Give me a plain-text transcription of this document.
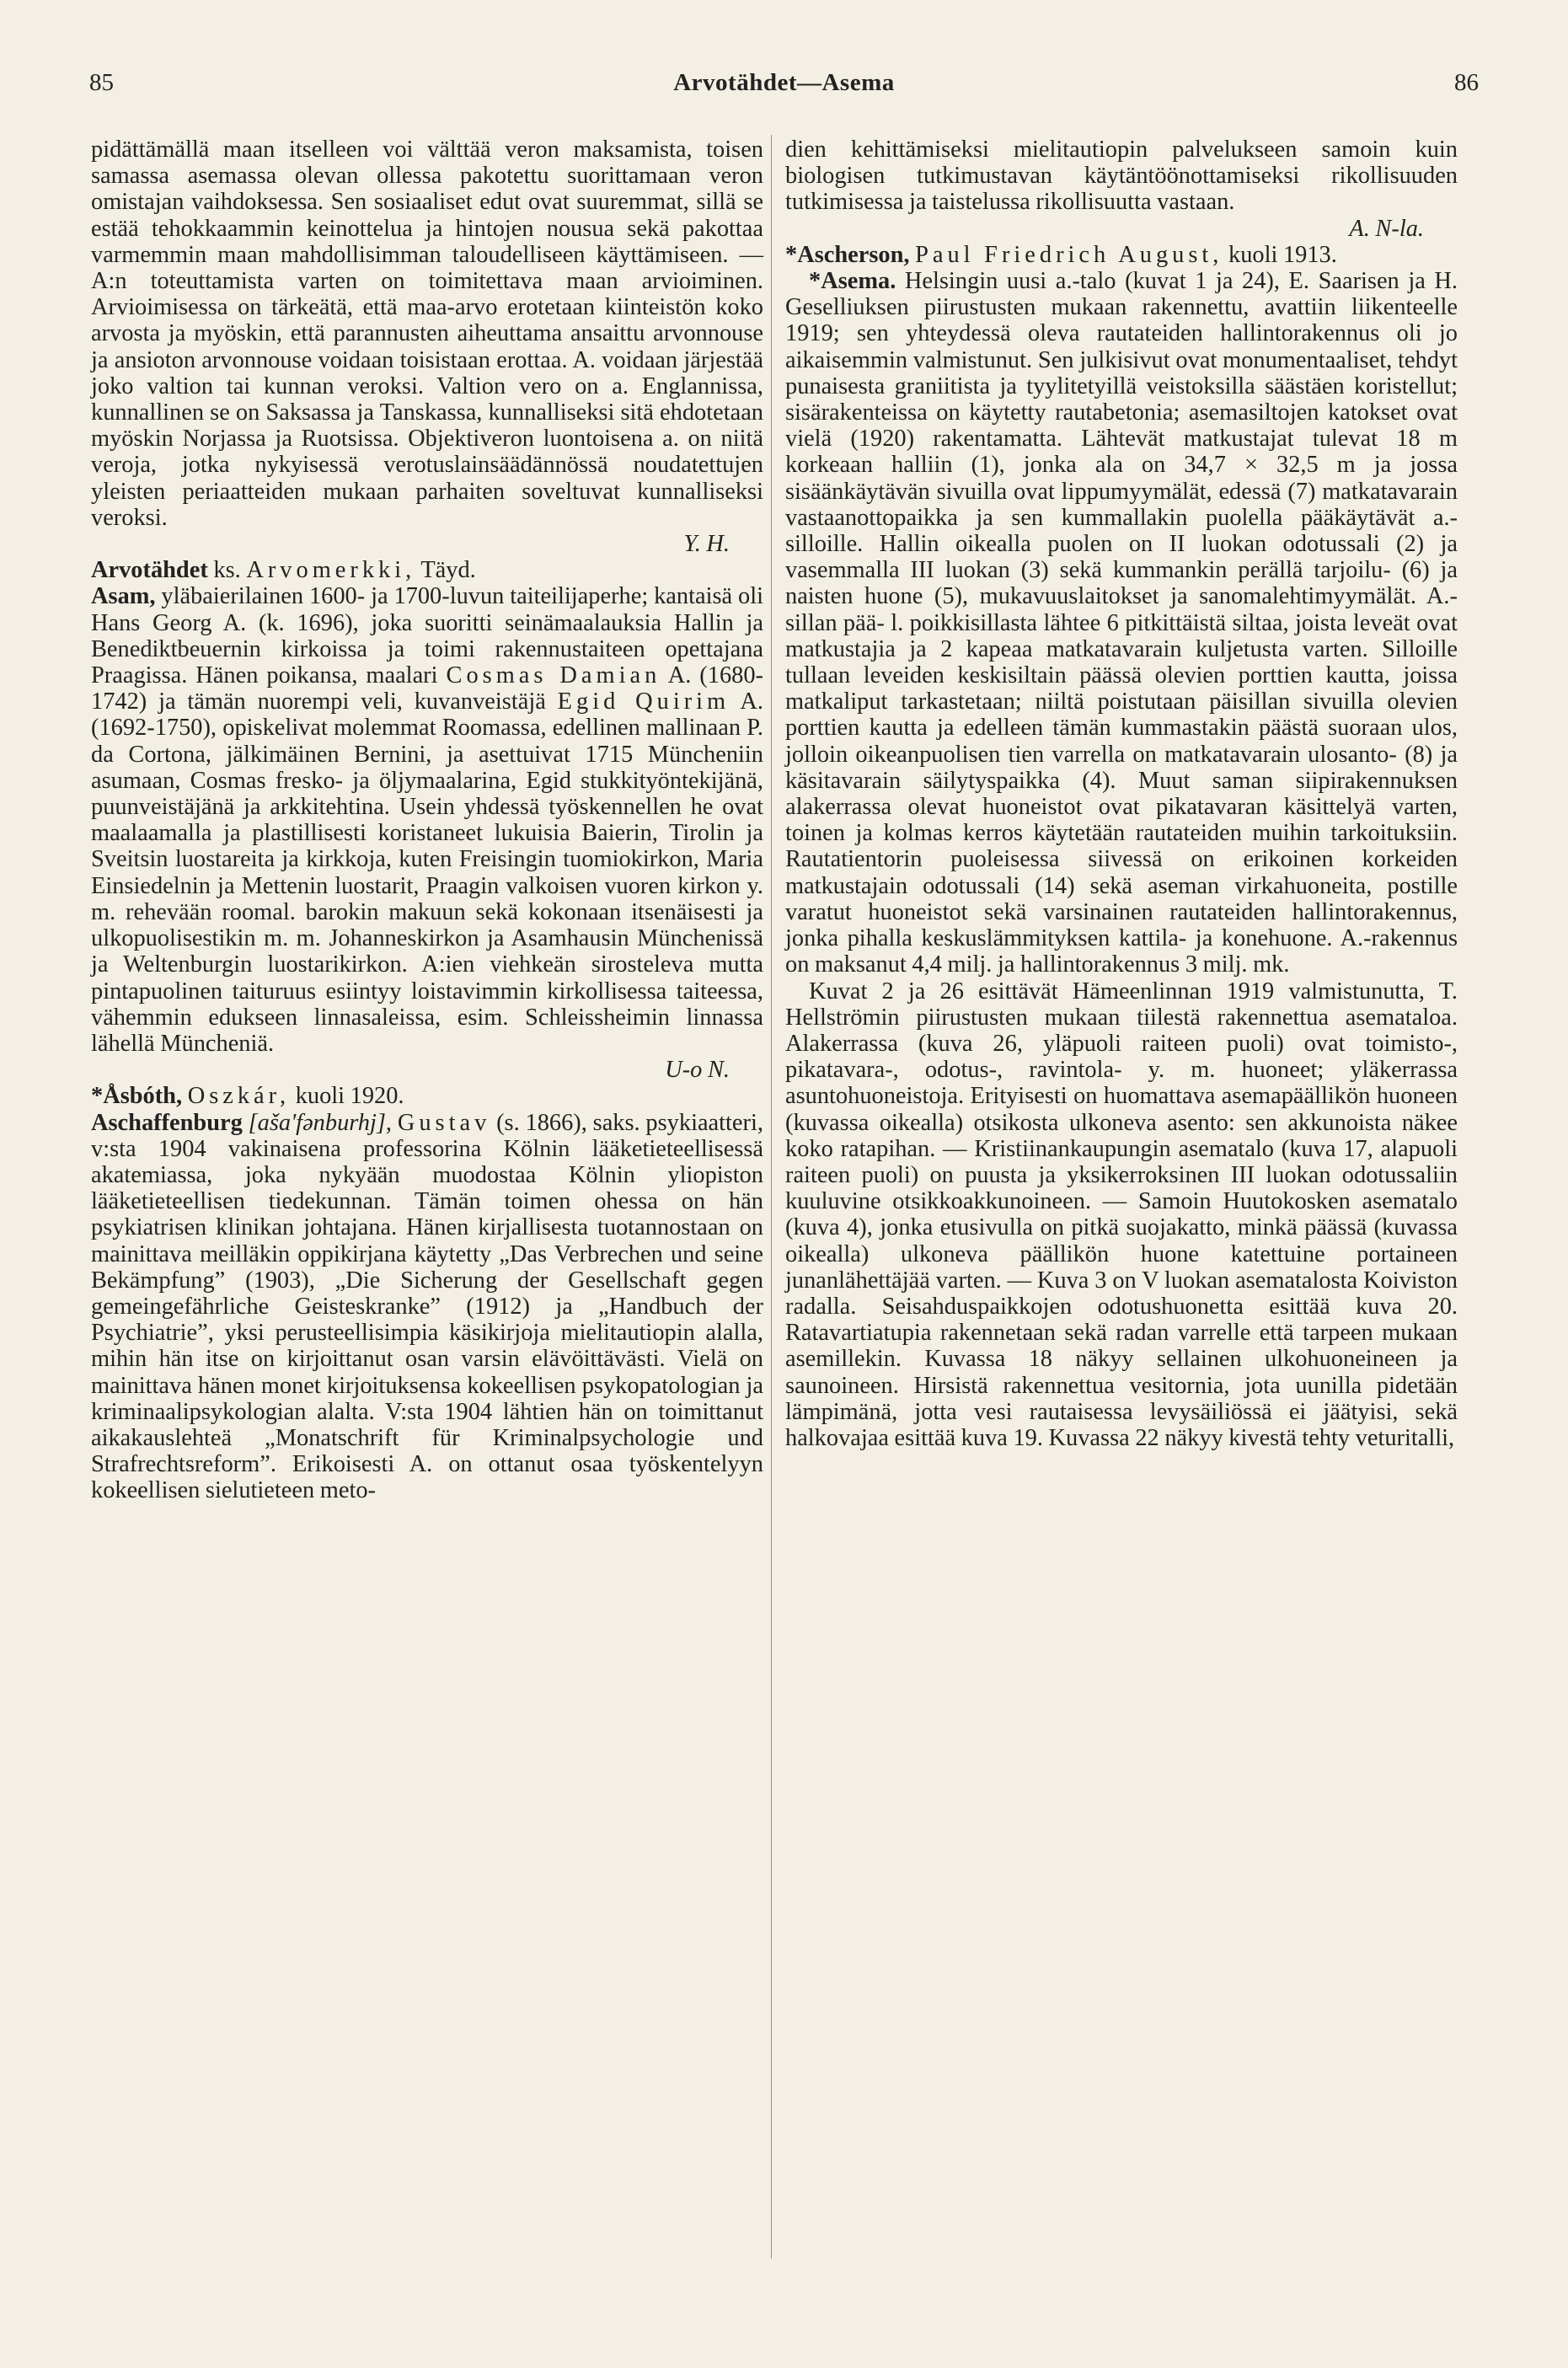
85	Arvotähdet—Asema	86

pidättämällä maan itselleen voi välttää veron maksamista, toisen samassa asemassa olevan ollessa pakotettu suorittamaan veron omistajan vaihdoksessa. Sen sosiaaliset edut ovat suuremmat, sillä se estää tehokkaammin keinottelua ja hintojen nousua sekä pakottaa varmemmin maan mahdollisimman taloudelliseen käyttämiseen. — A:n toteuttamista varten on toimitettava maan arvioiminen. Arvioimisessa on tärkeätä, että maa-arvo erotetaan kiinteistön koko arvosta ja myöskin, että parannusten aiheuttama ansaittu arvonnouse ja ansioton arvonnouse voidaan toisistaan erottaa. A. voidaan järjestää joko valtion tai kunnan veroksi. Valtion vero on a. Englannissa, kunnallinen se on Saksassa ja Tanskassa, kunnalliseksi sitä ehdotetaan myöskin Norjassa ja Ruotsissa. Objektiveron luontoisena a. on niitä veroja, jotka nykyisessä verotuslainsäädännössä noudatettujen yleisten periaatteiden mukaan parhaiten soveltuvat kunnalliseksi veroksi.

Y. H.

Arvotähdet ks. Arvomerkki, Täyd.

Asam, yläbaierilainen 1600- ja 1700-luvun taiteilijaperhe; kantaisä oli Hans Georg A. (k. 1696), joka suoritti seinämaalauksia Hallin ja Benediktbeuernin kirkoissa ja toimi rakennustaiteen opettajana Praagissa. Hänen poikansa, maalari Cosmas Damian A. (1680-1742) ja tämän nuorempi veli, kuvanveistäjä Egid Quirim A. (1692-1750), opiskelivat molemmat Roomassa, edellinen mallinaan P. da Cortona, jälkimäinen Bernini, ja asettuivat 1715 Müncheniin asumaan, Cosmas fresko- ja öljymaalarina, Egid stukkityöntekijänä, puunveistäjänä ja arkkitehtina. Usein yhdessä työskennellen he ovat maalaamalla ja plastillisesti koristaneet lukuisia Baierin, Tirolin ja Sveitsin luostareita ja kirkkoja, kuten Freisingin tuomiokirkon, Maria Einsiedelnin ja Mettenin luostarit, Praagin valkoisen vuoren kirkon y. m. rehevään roomal. barokin makuun sekä kokonaan itsenäisesti ja ulkopuolisestikin m. m. Johanneskirkon ja Asamhausin Münchenissä ja Weltenburgin luostarikirkon. A:ien viehkeän sirosteleva mutta pintapuolinen taituruus esiintyy loistavimmin kirkollisessa taiteessa, vähemmin edukseen linnasaleissa, esim. Schleissheimin linnassa lähellä Müncheniä.

U-o N.

*Åsbóth, Oszkár, kuoli 1920.

Aschaffenburg [aša'fənburhj], Gustav (s. 1866), saks. psykiaatteri, v:sta 1904 vakinaisena professorina Kölnin lääketieteellisessä akatemiassa, joka nykyään muodostaa Kölnin yliopiston lääketieteellisen tiedekunnan. Tämän toimen ohessa on hän psykiatrisen klinikan johtajana. Hänen kirjallisesta tuotannostaan on mainittava meilläkin oppikirjana käytetty „Das Verbrechen und seine Bekämpfung” (1903), „Die Sicherung der Gesellschaft gegen gemeingefährliche Geisteskranke” (1912) ja „Handbuch der Psychiatrie”, yksi perusteellisimpia käsikirjoja mielitautiopin alalla, mihin hän itse on kirjoittanut osan varsin elävöittävästi. Vielä on mainittava hänen monet kirjoituksensa kokeellisen psykopatologian ja kriminaalipsykologian alalta. V:sta 1904 lähtien hän on toimittanut aikakauslehteä „Monatschrift für Kriminalpsychologie und Strafrechtsreform”. Erikoisesti A. on ottanut osaa työskentelyyn kokeellisen sielutieteen meto-

dien kehittämiseksi mielitautiopin palvelukseen samoin kuin biologisen tutkimustavan käytäntöönottamiseksi rikollisuuden tutkimisessa ja taistelussa rikollisuutta vastaan.

A. N-la.

*Ascherson, Paul Friedrich August, kuoli 1913.

*Asema. Helsingin uusi a.-talo (kuvat 1 ja 24), E. Saarisen ja H. Gesellіuksen piirustusten mukaan rakennettu, avattiin liikenteelle 1919; sen yhteydessä oleva rautateiden hallintorakennus oli jo aikaisemmin valmistunut. Sen julkisivut ovat monumentaaliset, tehdyt punaisesta graniitista ja tyylitetyillä veistoksilla säästäen koristellut; sisärakenteissa on käytetty rautabetonia; asemasiltojen katokset ovat vielä (1920) rakentamatta. Lähtevät matkustajat tulevat 18 m korkeaan halliin (1), jonka ala on 34,7 × 32,5 m ja jossa sisäänkäytävän sivuilla ovat lippumyymälät, edessä (7) matkatavarain vastaanottopaikka ja sen kummallakin puolella pääkäytävät a.-silloille. Hallin oikealla puolen on II luokan odotussali (2) ja vasemmalla III luokan (3) sekä kummankin perällä tarjoilu- (6) ja naisten huone (5), mukavuuslaitokset ja sanomalehtimyymälät. A.-sillan pää- l. poikkisillasta lähtee 6 pitkittäistä siltaa, joista leveät ovat matkustajia ja 2 kapeaa matkatavarain kuljetusta varten. Silloille tullaan leveiden keskisiltain päässä olevien porttien kautta, joissa matkaliput tarkastetaan; niiltä poistutaan päisillan sivuilla olevien porttien kautta ja edelleen tämän kummastakin päästä suoraan ulos, jolloin oikeanpuolisen tien varrella on matkatavarain ulosanto- (8) ja käsitavarain säilytyspaikka (4). Muut saman siipirakennuksen alakerrassa olevat huoneistot ovat pikatavaran käsittelyä varten, toinen ja kolmas kerros käytetään rautateiden muihin tarkoituksiin. Rautatientorin puoleisessa siivessä on erikoinen korkeiden matkustajain odotussali (14) sekä aseman virkahuoneita, postille varatut huoneistot sekä varsinainen rautateiden hallintorakennus, jonka pihalla keskuslämmityksen kattila- ja konehuone. A.-rakennus on maksanut 4,4 milj. ja hallintorakennus 3 milj. mk.

Kuvat 2 ja 26 esittävät Hämeenlinnan 1919 valmistunutta, T. Hellströmin piirustusten mukaan tiilestä rakennettua asemataloa. Alakerrassa (kuva 26, yläpuoli raiteen puoli) ovat toimisto-, pikatavara-, odotus-, ravintola- y. m. huoneet; yläkerrassa asuntohuoneistoja. Erityisesti on huomattava asemapäällikön huoneen (kuvassa oikealla) otsikosta ulkoneva asento: sen akkunoista näkee koko ratapihan. — Kristiinankaupungin asematalo (kuva 17, alapuoli raiteen puoli) on puusta ja yksikerroksinen III luokan odotussaliin kuuluvine otsikkoakkunoineen. — Samoin Huutokosken asematalo (kuva 4), jonka etusivulla on pitkä suojakatto, minkä päässä (kuvassa oikealla) ulkoneva päällikön huone katettuine portaineen junanlähettäjää varten. — Kuva 3 on V luokan asematalosta Koiviston radalla. Seisahduspaikkojen odotushuonetta esittää kuva 20. Ratavartiatupia rakennetaan sekä radan varrelle että tarpeen mukaan asemillekin. Kuvassa 18 näkyy sellainen ulkohuoneineen ja saunoineen. Hirsistä rakennettua vesitornia, jota uunilla pidetään lämpimänä, jotta vesi rautaisessa levysäiliössä ei jäätyisi, sekä halkovajaa esittää kuva 19. Kuvassa 22 näkyy kivestä tehty veturitalli,
